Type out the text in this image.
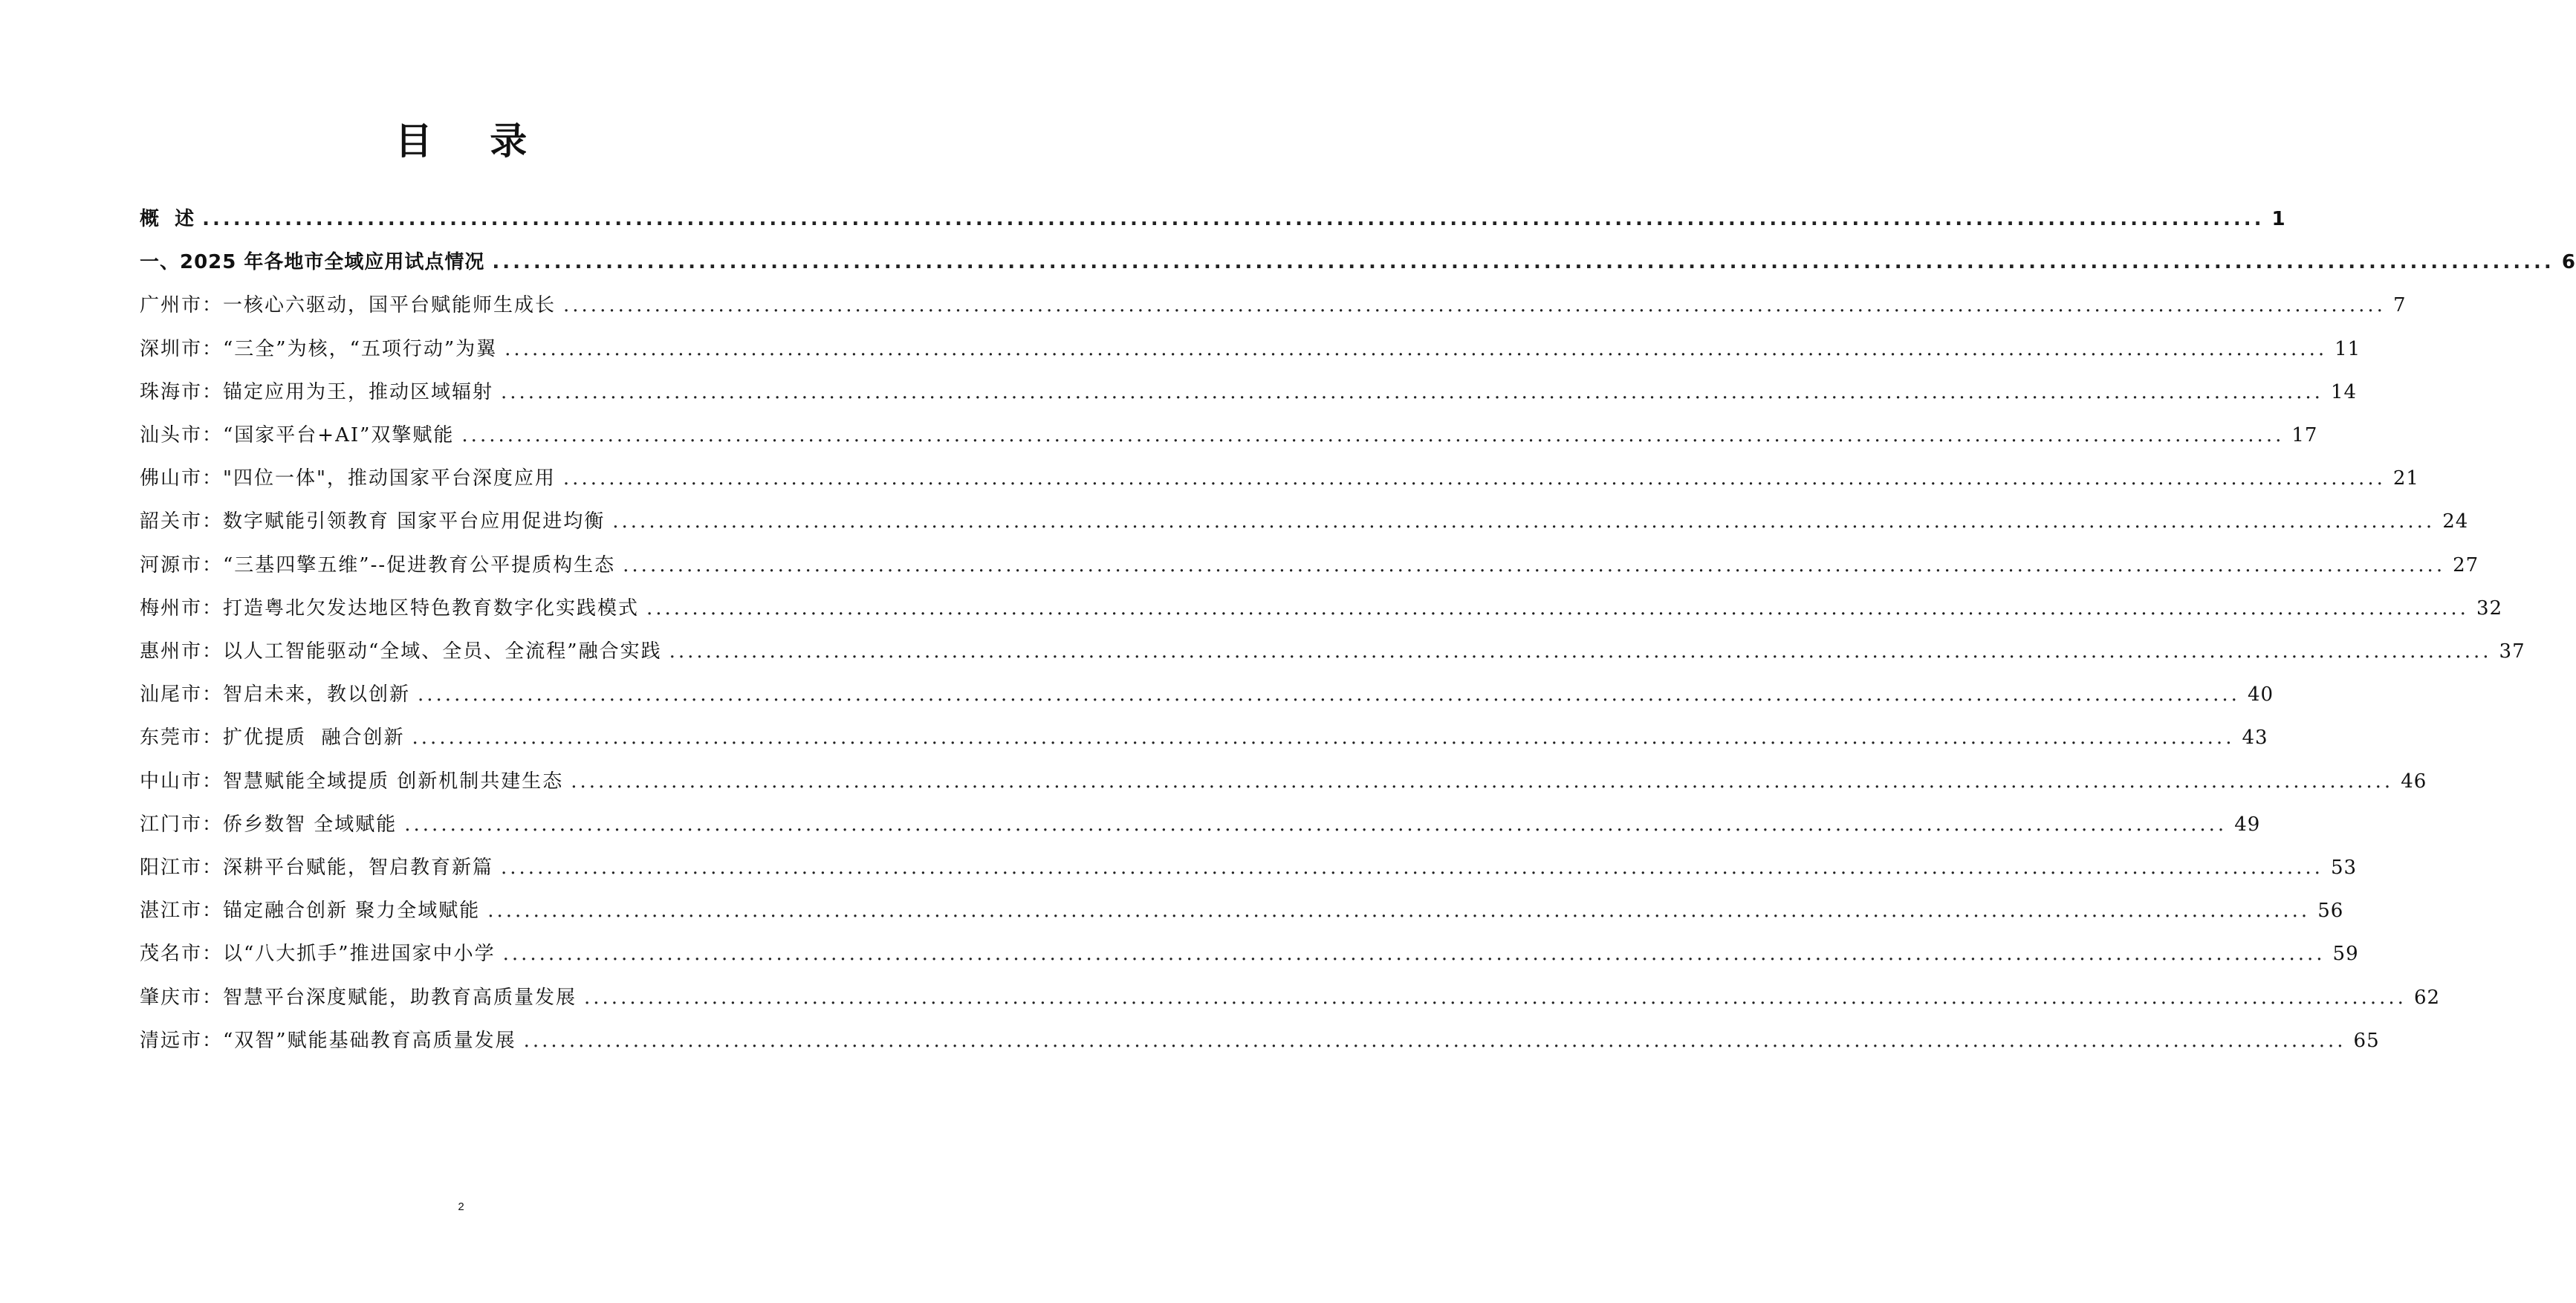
目 录
概  述 ........................................................................................................................................................................................................ 1
一、2025 年各地市全域应用试点情况 ........................................................................................................................................................................................................ 6
广州市：一核心六驱动，国平台赋能师生成长 ........................................................................................................................................................................................................ 7
深圳市：“三全”为核，“五项行动”为翼 ........................................................................................................................................................................................................ 11
珠海市：锚定应用为王，推动区域辐射 ........................................................................................................................................................................................................ 14
汕头市：“国家平台+AI”双擎赋能 ........................................................................................................................................................................................................ 17
佛山市："四位一体"，推动国家平台深度应用 ........................................................................................................................................................................................................ 21
韶关市：数字赋能引领教育 国家平台应用促进均衡 ........................................................................................................................................................................................................ 24
河源市：“三基四擎五维”--促进教育公平提质构生态 ........................................................................................................................................................................................................ 27
梅州市：打造粤北欠发达地区特色教育数字化实践模式 ........................................................................................................................................................................................................ 32
惠州市：以人工智能驱动“全域、全员、全流程”融合实践 ........................................................................................................................................................................................................ 37
汕尾市：智启未来，教以创新 ........................................................................................................................................................................................................ 40
东莞市：扩优提质  融合创新 ........................................................................................................................................................................................................ 43
中山市：智慧赋能全域提质 创新机制共建生态 ........................................................................................................................................................................................................ 46
江门市：侨乡数智 全域赋能 ........................................................................................................................................................................................................ 49
阳江市：深耕平台赋能，智启教育新篇 ........................................................................................................................................................................................................ 53
湛江市：锚定融合创新 聚力全域赋能 ........................................................................................................................................................................................................ 56
茂名市：以“八大抓手”推进国家中小学 ........................................................................................................................................................................................................ 59
肇庆市：智慧平台深度赋能，助教育高质量发展 ........................................................................................................................................................................................................ 62
清远市：“双智”赋能基础教育高质量发展 ........................................................................................................................................................................................................ 65
2
